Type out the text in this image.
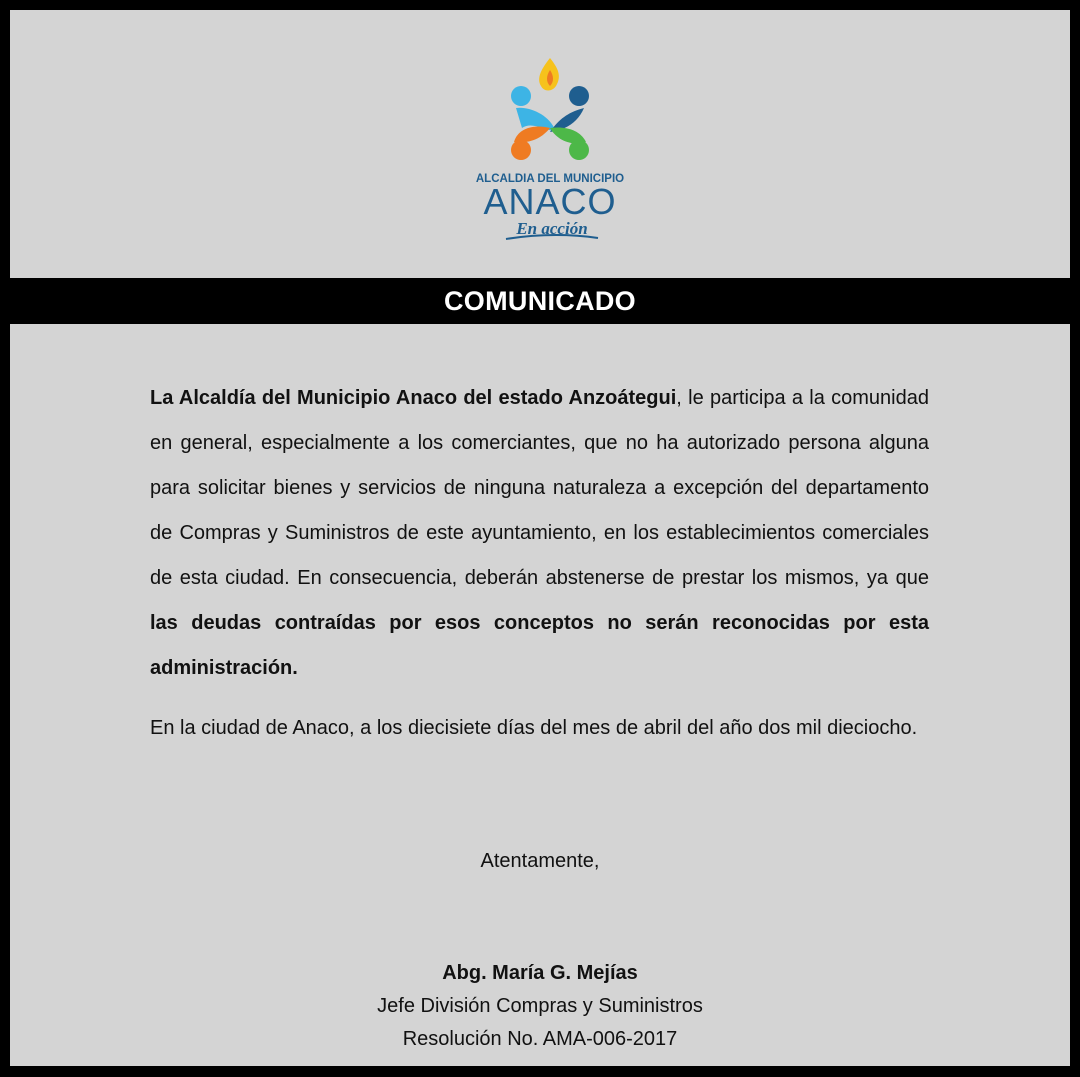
ALCALDIA DEL MUNICIPIO
ANACO
En acción
COMUNICADO
La Alcaldía del Municipio Anaco del estado Anzoátegui, le participa a la comunidad en general, especialmente a los comerciantes, que no ha autorizado persona alguna para solicitar bienes y servicios de ninguna naturaleza a excepción del departamento de Compras y Suministros de este ayuntamiento, en los establecimientos comerciales de esta ciudad. En consecuencia, deberán abstenerse de prestar los mismos, ya que las deudas contraídas por esos conceptos no serán reconocidas por esta administración.
En la ciudad de Anaco, a los diecisiete días del mes de abril del año dos mil dieciocho.
Atentamente,
Abg. María G. Mejías
Jefe División Compras y Suministros
Resolución No. AMA-006-2017
